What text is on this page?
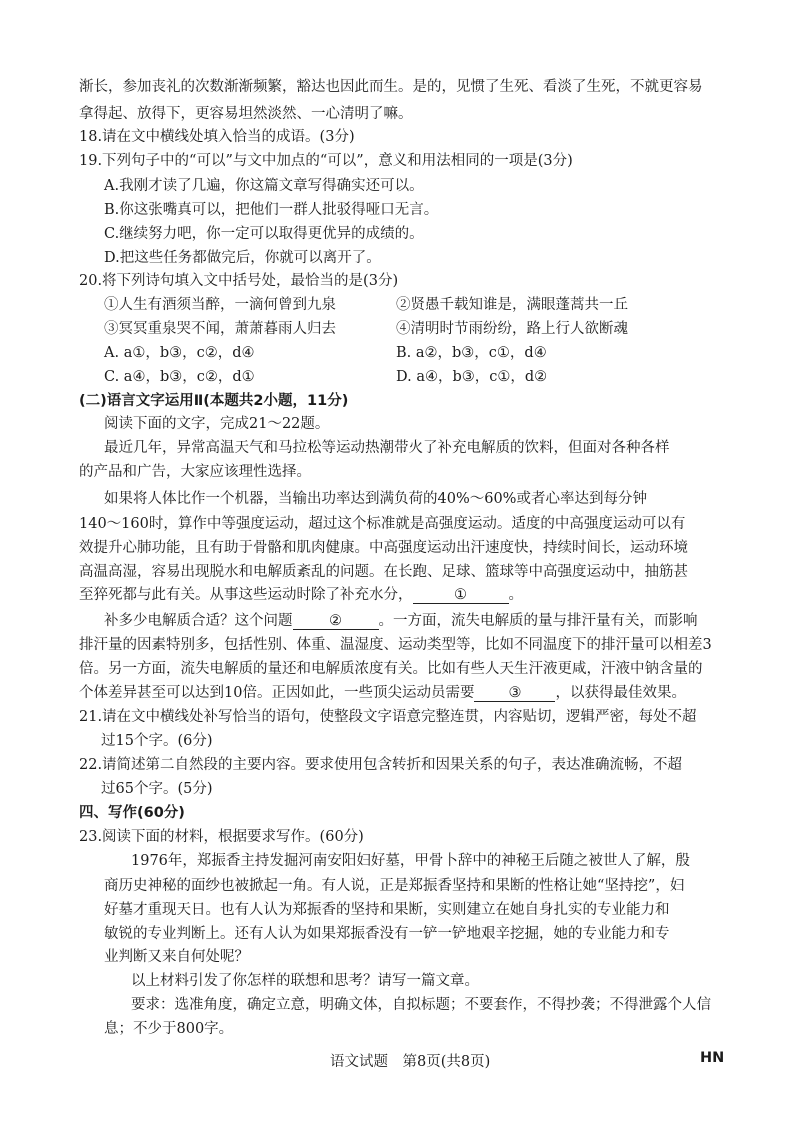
渐长，参加丧礼的次数渐渐频繁，豁达也因此而生。是的，见惯了生死、看淡了生死，不就更容易
拿得起、放得下，更容易坦然淡然、一心清明了嘛。
18.请在文中横线处填入恰当的成语。(3分)
19.下列句子中的“可以”与文中加点的“可以”，意义和用法相同的一项是(3分)
A.我刚才读了几遍，你这篇文章写得确实还可以。
B.你这张嘴真可以，把他们一群人批驳得哑口无言。
C.继续努力吧，你一定可以取得更优异的成绩的。
D.把这些任务都做完后，你就可以离开了。
20.将下列诗句填入文中括号处，最恰当的是(3分)
①人生有酒须当醉，一滴何曾到九泉	②贤愚千载知谁是，满眼蓬蒿共一丘
③冥冥重泉哭不闻，萧萧暮雨人归去	④清明时节雨纷纷，路上行人欲断魂
A. a①，b③，c②，d④	B. a②，b③，c①，d④
C. a④，b③，c②，d①	D. a④，b③，c①，d②
(二)语言文字运用Ⅱ(本题共2小题，11分)
阅读下面的文字，完成21～22题。
最近几年，异常高温天气和马拉松等运动热潮带火了补充电解质的饮料，但面对各种各样
的产品和广告，大家应该理性选择。
如果将人体比作一个机器，当输出功率达到满负荷的40%～60%或者心率达到每分钟
140～160时，算作中等强度运动，超过这个标准就是高强度运动。适度的中高强度运动可以有
效提升心肺功能，且有助于骨骼和肌肉健康。中高强度运动出汗速度快，持续时间长，运动环境
高温高湿，容易出现脱水和电解质紊乱的问题。在长跑、足球、篮球等中高强度运动中，抽筋甚
至猝死都与此有关。从事这些运动时除了补充水分，	①	。
补多少电解质合适？这个问题	②	。一方面，流失电解质的量与排汗量有关，而影响
排汗量的因素特别多，包括性别、体重、温湿度、运动类型等，比如不同温度下的排汗量可以相差3
倍。另一方面，流失电解质的量还和电解质浓度有关。比如有些人天生汗液更咸，汗液中钠含量的
个体差异甚至可以达到10倍。正因如此，一些顶尖运动员需要 ③ ，以获得最佳效果。
21.请在文中横线处补写恰当的语句，使整段文字语意完整连贯，内容贴切，逻辑严密，每处不超
过15个字。(6分)
22.请简述第二自然段的主要内容。要求使用包含转折和因果关系的句子，表达准确流畅，不超
过65个字。(5分)
四、写作(60分)
23.阅读下面的材料，根据要求写作。(60分)
1976年，郑振香主持发掘河南安阳妇好墓，甲骨卜辞中的神秘王后随之被世人了解，殷
商历史神秘的面纱也被掀起一角。有人说，正是郑振香坚持和果断的性格让她“坚持挖”，妇
好墓才重现天日。也有人认为郑振香的坚持和果断，实则建立在她自身扎实的专业能力和
敏锐的专业判断上。还有人认为如果郑振香没有一铲一铲地艰辛挖掘，她的专业能力和专
业判断又来自何处呢？
以上材料引发了你怎样的联想和思考？请写一篇文章。
要求：选准角度，确定立意，明确文体，自拟标题；不要套作，不得抄袭；不得泄露个人信
息；不少于800字。
语文试题　第8页(共8页)	HN
